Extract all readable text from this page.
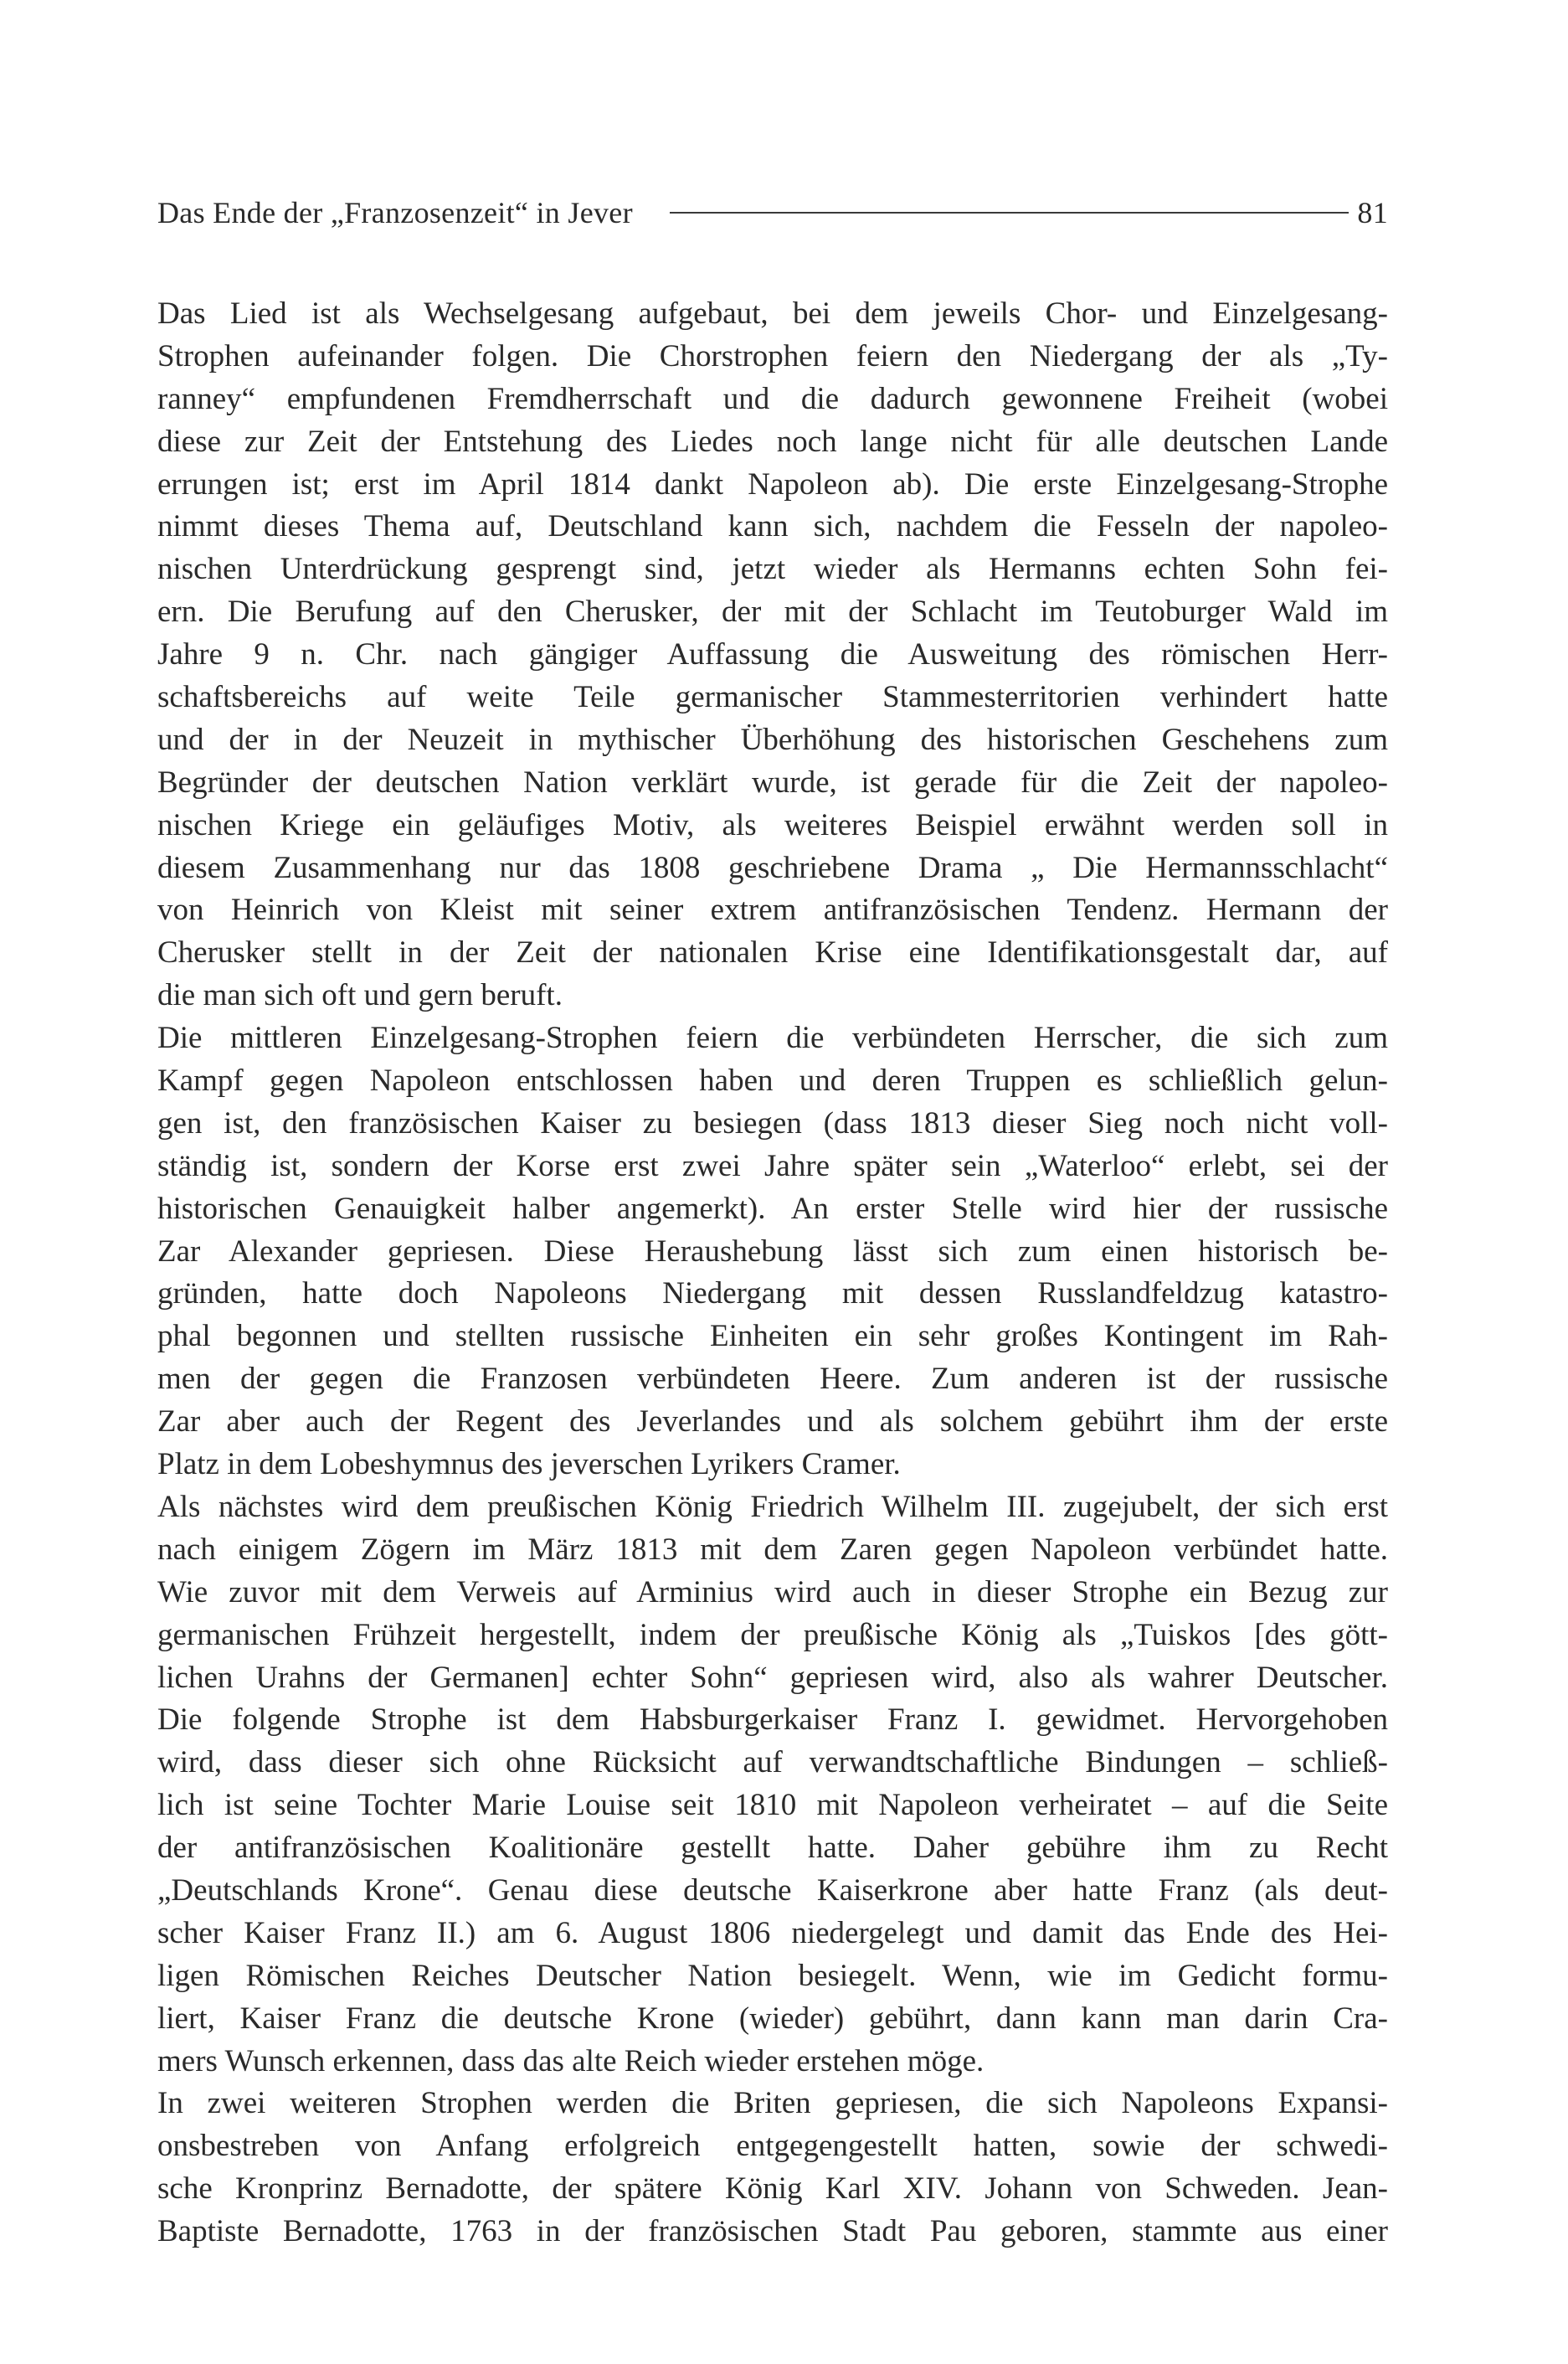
Das Ende der „Franzosenzeit“ in Jever	81
Das Lied ist als Wechselgesang aufgebaut, bei dem jeweils Chor- und Einzelgesang-
Strophen aufeinander folgen. Die Chorstrophen feiern den Niedergang der als „Ty-
ranney“ empfundenen Fremdherrschaft und die dadurch gewonnene Freiheit (wobei
diese zur Zeit der Entstehung des Liedes noch lange nicht für alle deutschen Lande
errungen ist; erst im April 1814 dankt Napoleon ab). Die erste Einzelgesang-Strophe
nimmt dieses Thema auf, Deutschland kann sich, nachdem die Fesseln der napoleo-
nischen Unterdrückung gesprengt sind, jetzt wieder als Hermanns echten Sohn fei-
ern. Die Berufung auf den Cherusker, der mit der Schlacht im Teutoburger Wald im
Jahre 9 n. Chr. nach gängiger Auffassung die Ausweitung des römischen Herr-
schaftsbereichs auf weite Teile germanischer Stammesterritorien verhindert hatte
und der in der Neuzeit in mythischer Überhöhung des historischen Geschehens zum
Begründer der deutschen Nation verklärt wurde, ist gerade für die Zeit der napoleo-
nischen Kriege ein geläufiges Motiv, als weiteres Beispiel erwähnt werden soll in
diesem Zusammenhang nur das 1808 geschriebene Drama „ Die Hermannsschlacht“
von Heinrich von Kleist mit seiner extrem antifranzösischen Tendenz. Hermann der
Cherusker stellt in der Zeit der nationalen Krise eine Identifikationsgestalt dar, auf
die man sich oft und gern beruft.
Die mittleren Einzelgesang-Strophen feiern die verbündeten Herrscher, die sich zum
Kampf gegen Napoleon entschlossen haben und deren Truppen es schließlich gelun-
gen ist, den französischen Kaiser zu besiegen (dass 1813 dieser Sieg noch nicht voll-
ständig ist, sondern der Korse erst zwei Jahre später sein „Waterloo“ erlebt, sei der
historischen Genauigkeit halber angemerkt). An erster Stelle wird hier der russische
Zar Alexander gepriesen. Diese Heraushebung lässt sich zum einen historisch be-
gründen, hatte doch Napoleons Niedergang mit dessen Russlandfeldzug katastro-
phal begonnen und stellten russische Einheiten ein sehr großes Kontingent im Rah-
men der gegen die Franzosen verbündeten Heere. Zum anderen ist der russische
Zar aber auch der Regent des Jeverlandes und als solchem gebührt ihm der erste
Platz in dem Lobeshymnus des jeverschen Lyrikers Cramer.
Als nächstes wird dem preußischen König Friedrich Wilhelm III. zugejubelt, der sich erst
nach einigem Zögern im März 1813 mit dem Zaren gegen Napoleon verbündet hatte.
Wie zuvor mit dem Verweis auf Arminius wird auch in dieser Strophe ein Bezug zur
germanischen Frühzeit hergestellt, indem der preußische König als „Tuiskos [des gött-
lichen Urahns der Germanen] echter Sohn“ gepriesen wird, also als wahrer Deutscher.
Die folgende Strophe ist dem Habsburgerkaiser Franz I. gewidmet. Hervorgehoben
wird, dass dieser sich ohne Rücksicht auf verwandtschaftliche Bindungen – schließ-
lich ist seine Tochter Marie Louise seit 1810 mit Napoleon verheiratet – auf die Seite
der antifranzösischen Koalitionäre gestellt hatte. Daher gebühre ihm zu Recht
„Deutschlands Krone“. Genau diese deutsche Kaiserkrone aber hatte Franz (als deut-
scher Kaiser Franz II.) am 6. August 1806 niedergelegt und damit das Ende des Hei-
ligen Römischen Reiches Deutscher Nation besiegelt. Wenn, wie im Gedicht formu-
liert, Kaiser Franz die deutsche Krone (wieder) gebührt, dann kann man darin Cra-
mers Wunsch erkennen, dass das alte Reich wieder erstehen möge.
In zwei weiteren Strophen werden die Briten gepriesen, die sich Napoleons Expansi-
onsbestreben von Anfang erfolgreich entgegengestellt hatten, sowie der schwedi-
sche Kronprinz Bernadotte, der spätere König Karl XIV. Johann von Schweden. Jean-
Baptiste Bernadotte, 1763 in der französischen Stadt Pau geboren, stammte aus einer
